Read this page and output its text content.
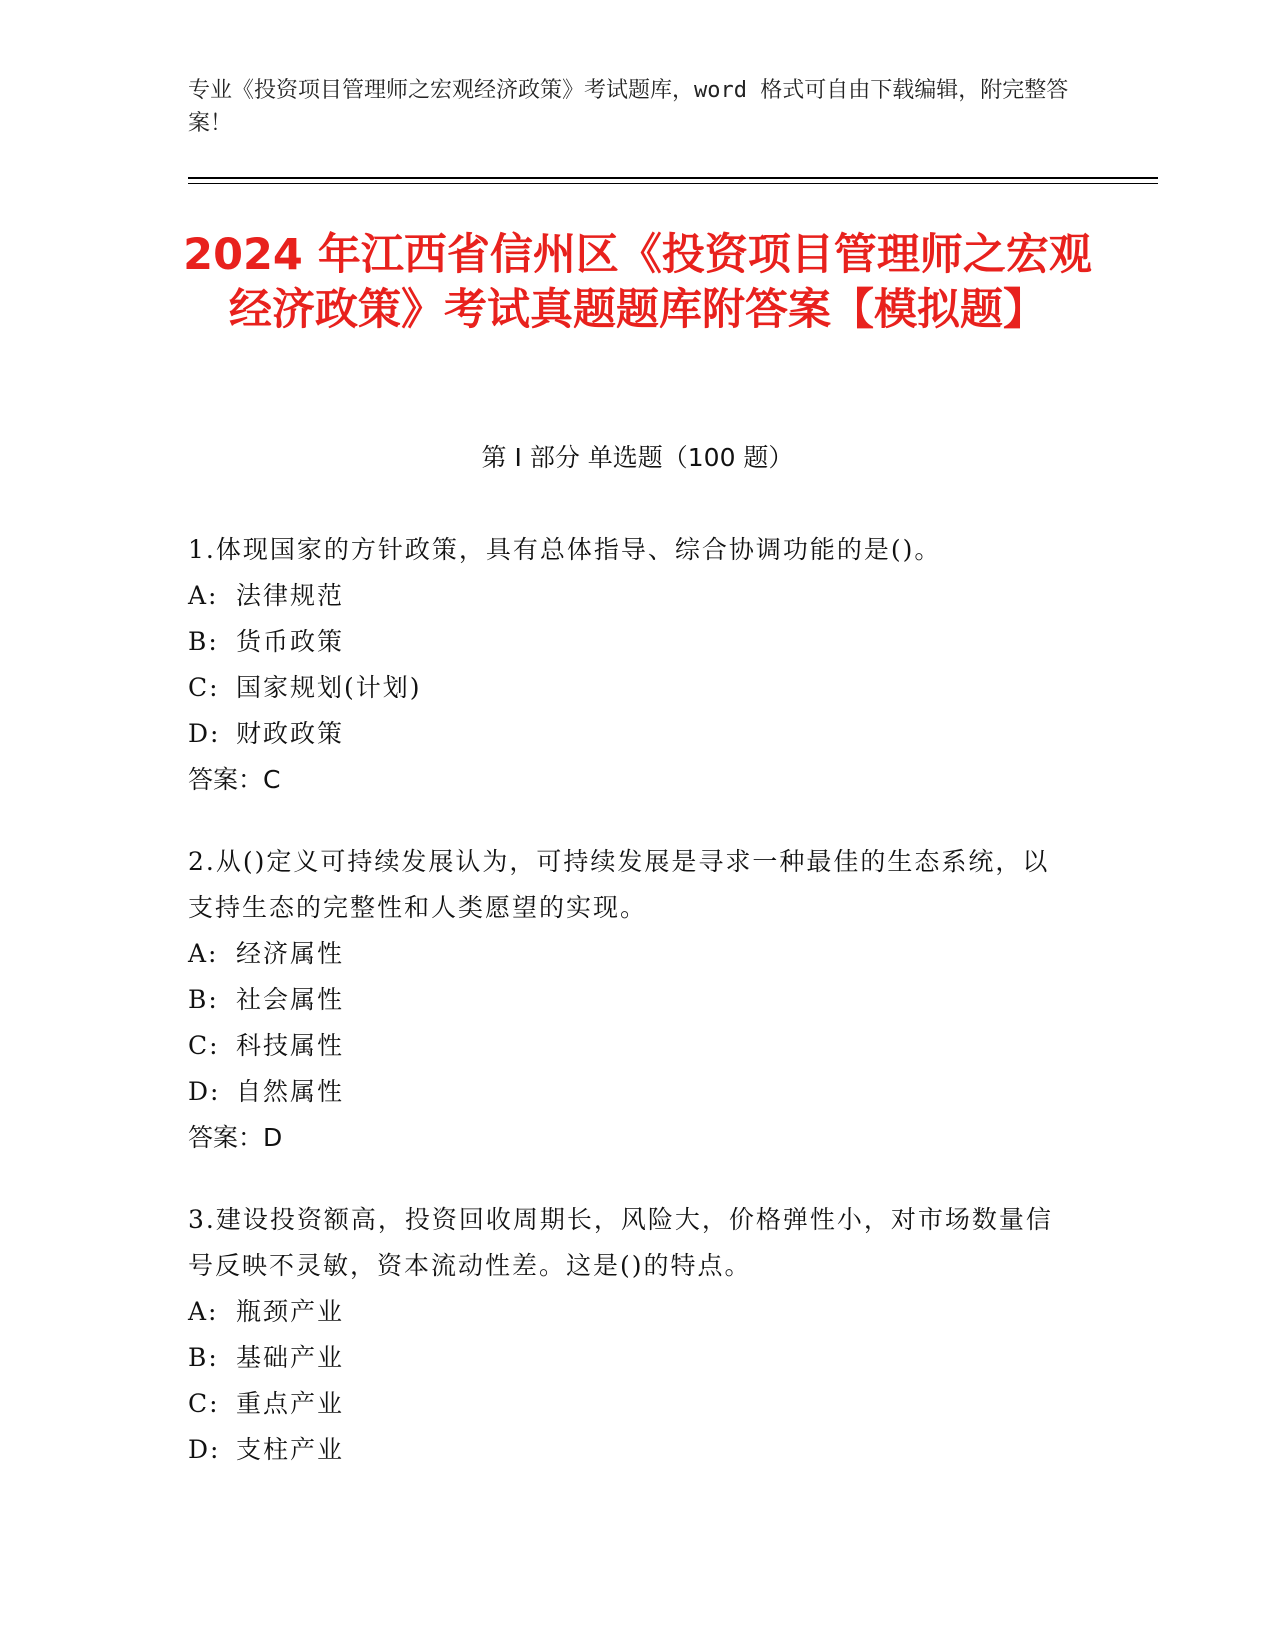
专业《投资项目管理师之宏观经济政策》考试题库，word 格式可自由下载编辑，附完整答案！
2024 年江西省信州区《投资项目管理师之宏观经济政策》考试真题题库附答案【模拟题】
第 I 部分 单选题（100 题）
1.体现国家的方针政策，具有总体指导、综合协调功能的是()。
A: 法律规范
B: 货币政策
C: 国家规划(计划)
D: 财政政策
答案：C
2.从()定义可持续发展认为，可持续发展是寻求一种最佳的生态系统，以支持生态的完整性和人类愿望的实现。
A: 经济属性
B: 社会属性
C: 科技属性
D: 自然属性
答案：D
3.建设投资额高，投资回收周期长，风险大，价格弹性小，对市场数量信号反映不灵敏，资本流动性差。这是()的特点。
A: 瓶颈产业
B: 基础产业
C: 重点产业
D: 支柱产业
